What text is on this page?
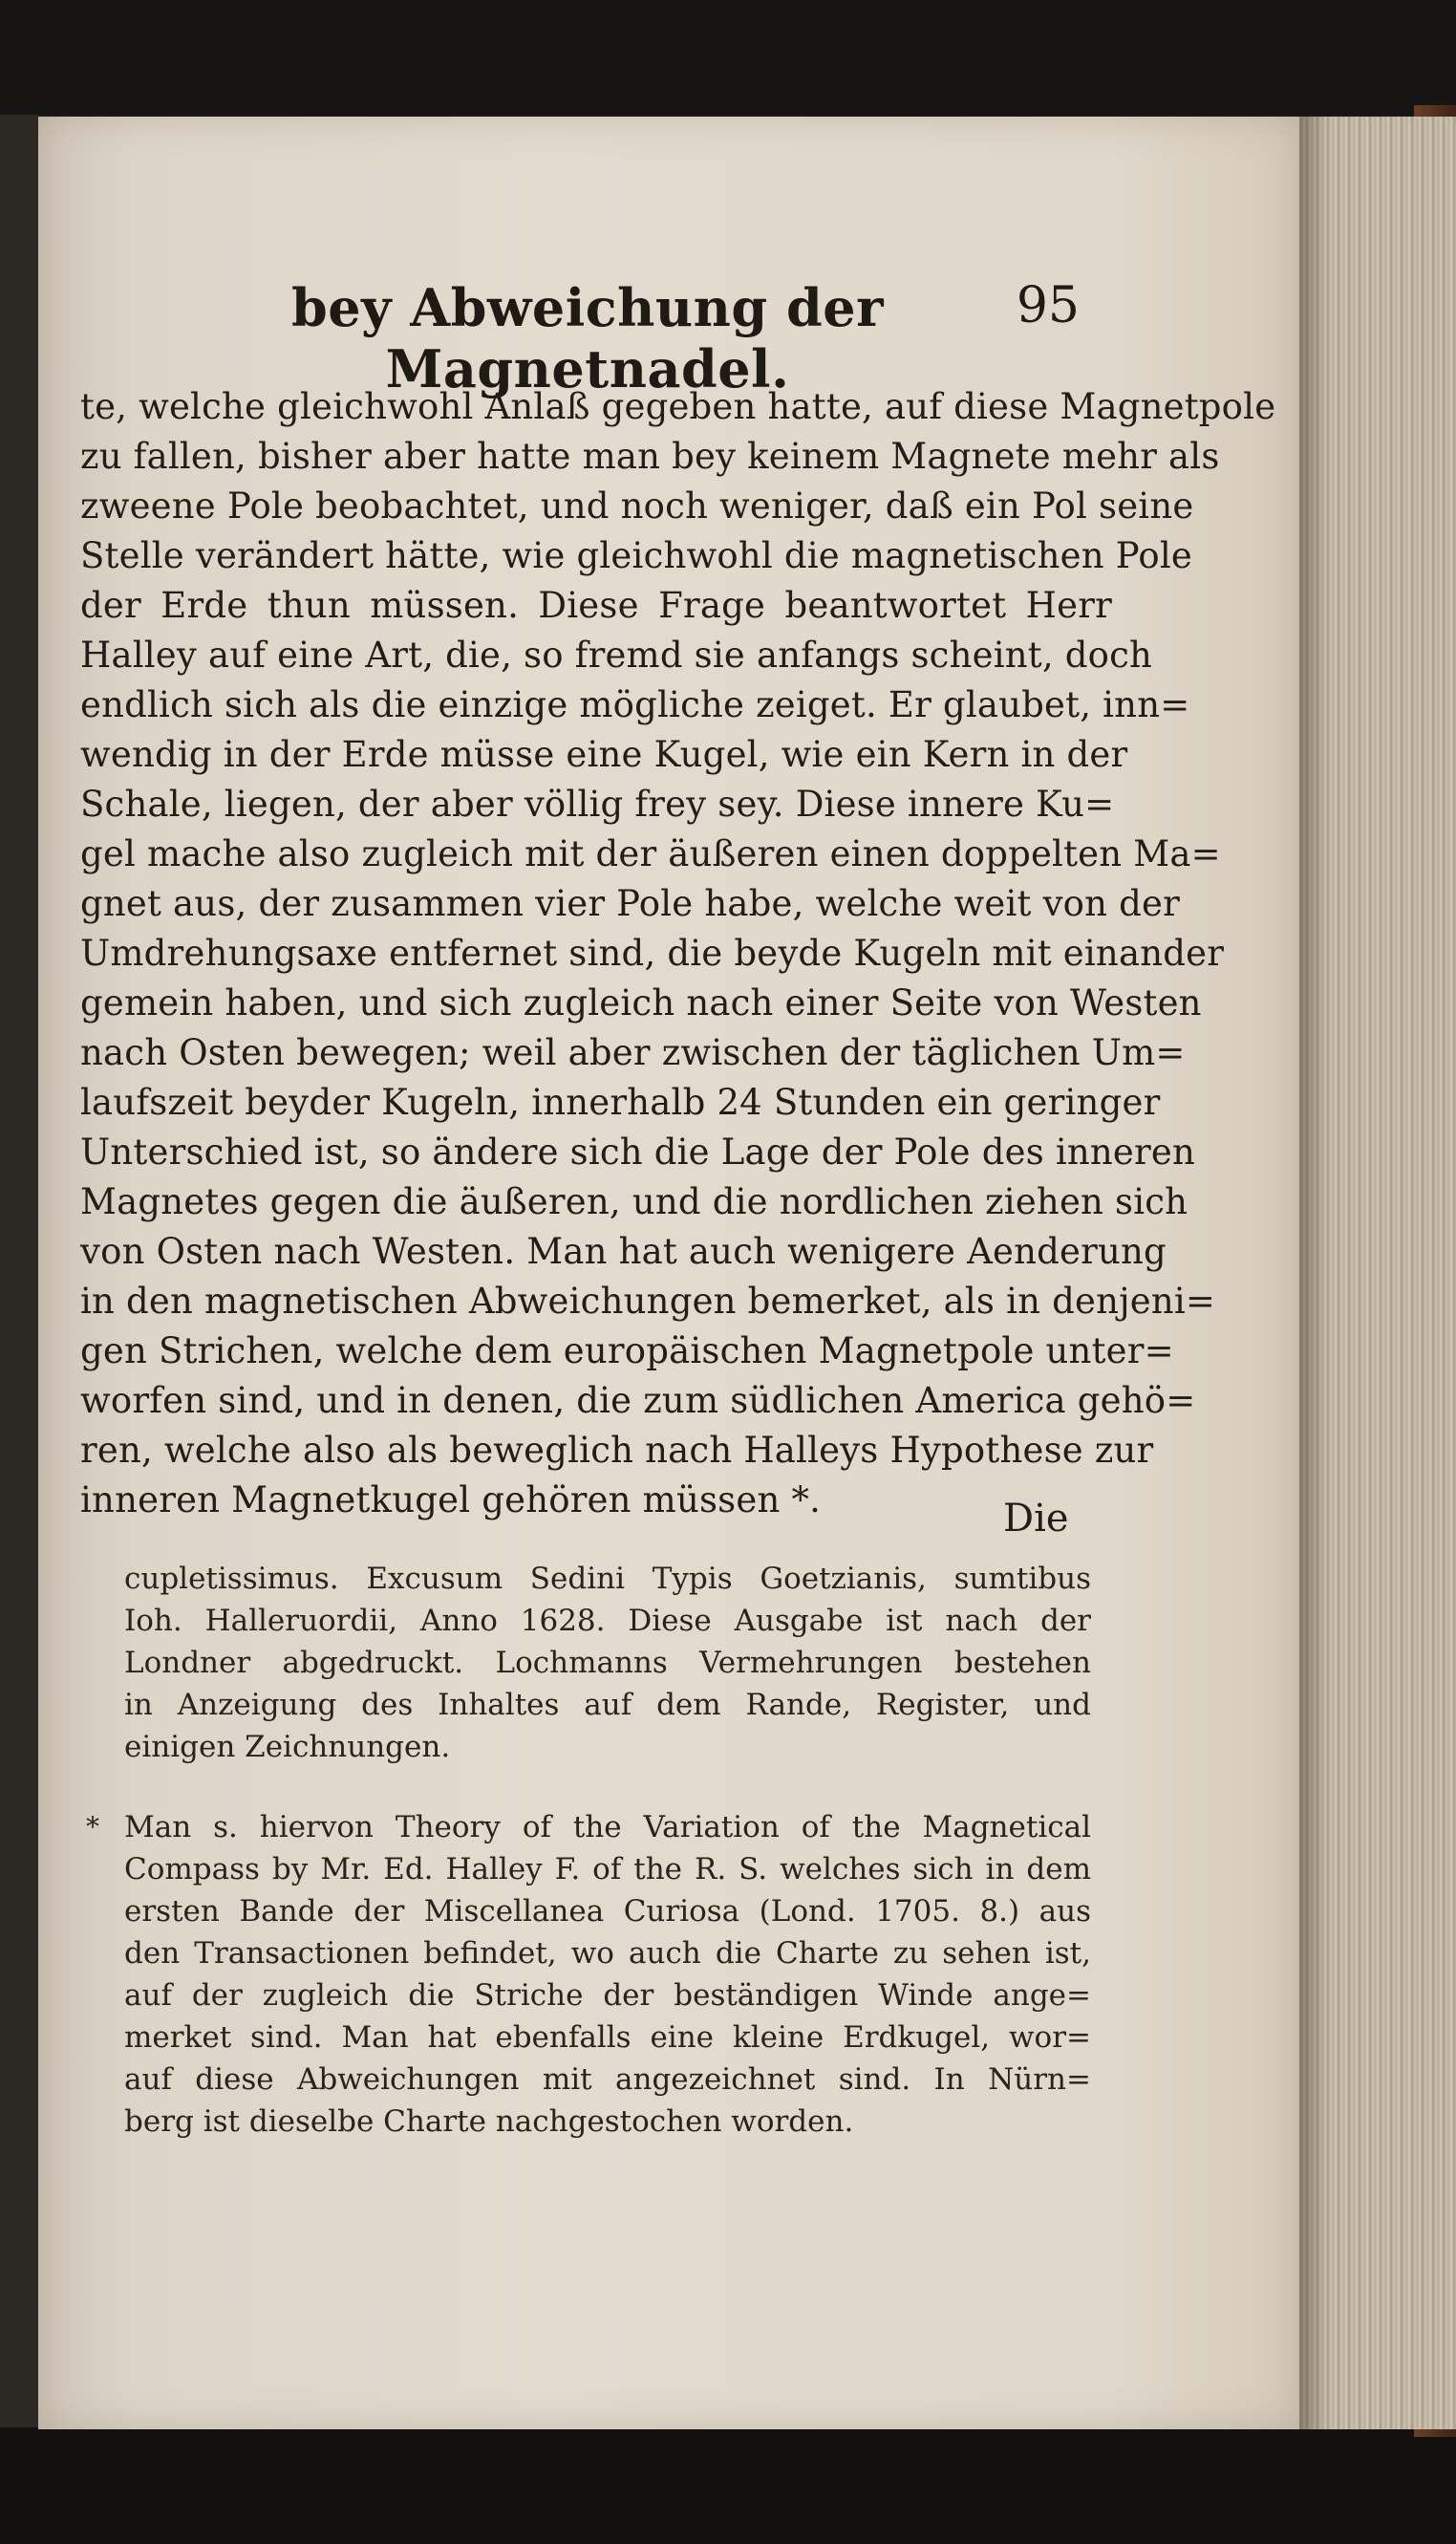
bey Abweichung der Magnetnadel.
95
te, welche gleichwohl Anlaß gegeben hatte, auf diese Magnetpole
zu fallen, bisher aber hatte man bey keinem Magnete mehr als
zweene Pole beobachtet, und noch weniger, daß ein Pol seine
Stelle verändert hätte, wie gleichwohl die magnetischen Pole
der Erde thun müssen. Diese Frage beantwortet Herr
Halley auf eine Art, die, so fremd sie anfangs scheint, doch
endlich sich als die einzige mögliche zeiget. Er glaubet, inn=
wendig in der Erde müsse eine Kugel, wie ein Kern in der
Schale, liegen, der aber völlig frey sey. Diese innere Ku=
gel mache also zugleich mit der äußeren einen doppelten Ma=
gnet aus, der zusammen vier Pole habe, welche weit von der
Umdrehungsaxe entfernet sind, die beyde Kugeln mit einander
gemein haben, und sich zugleich nach einer Seite von Westen
nach Osten bewegen; weil aber zwischen der täglichen Um=
laufszeit beyder Kugeln, innerhalb 24 Stunden ein geringer
Unterschied ist, so ändere sich die Lage der Pole des inneren
Magnetes gegen die äußeren, und die nordlichen ziehen sich
von Osten nach Westen. Man hat auch wenigere Aenderung
in den magnetischen Abweichungen bemerket, als in denjeni=
gen Strichen, welche dem europäischen Magnetpole unter=
worfen sind, und in denen, die zum südlichen America gehö=
ren, welche also als beweglich nach Halleys Hypothese zur
inneren Magnetkugel gehören müssen *.	Die
cupletissimus. Excusum Sedini Typis Goetzianis, sumtibus
Ioh. Halleruordii, Anno 1628. Diese Ausgabe ist nach der
Londner abgedruckt. Lochmanns Vermehrungen bestehen
in Anzeigung des Inhaltes auf dem Rande, Register, und
einigen Zeichnungen.
* Man s. hiervon Theory of the Variation of the Magnetical
Compass by Mr. Ed. Halley F. of the R. S. welches sich in dem
ersten Bande der Miscellanea Curiosa (Lond. 1705. 8.) aus
den Transactionen befindet, wo auch die Charte zu sehen ist,
auf der zugleich die Striche der beständigen Winde ange=
merket sind. Man hat ebenfalls eine kleine Erdkugel, wor=
auf diese Abweichungen mit angezeichnet sind. In Nürn=
berg ist dieselbe Charte nachgestochen worden.
